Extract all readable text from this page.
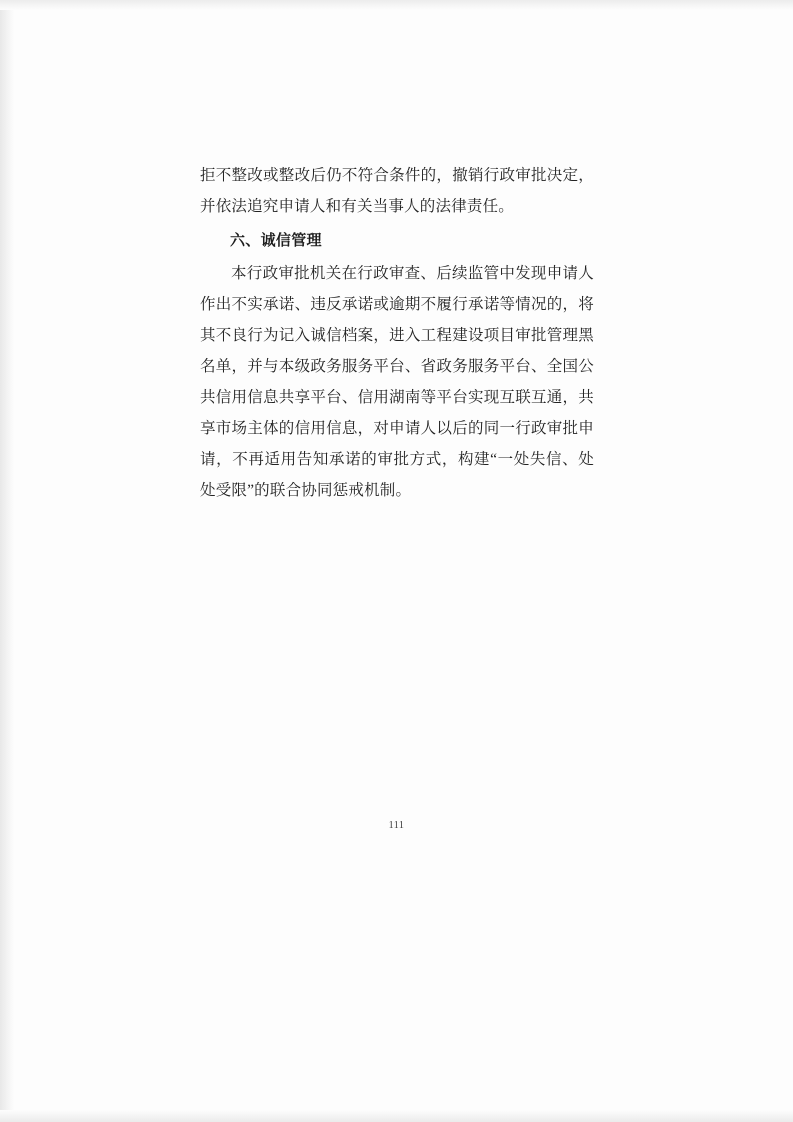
拒不整改或整改后仍不符合条件的，撤销行政审批决定，并依法追究申请人和有关当事人的法律责任。

六、诚信管理

本行政审批机关在行政审查、后续监管中发现申请人作出不实承诺、违反承诺或逾期不履行承诺等情况的，将其不良行为记入诚信档案，进入工程建设项目审批管理黑名单，并与本级政务服务平台、省政务服务平台、全国公共信用信息共享平台、信用湖南等平台实现互联互通，共享市场主体的信用信息，对申请人以后的同一行政审批申请，不再适用告知承诺的审批方式，构建“一处失信、处处受限”的联合协同惩戒机制。

111
